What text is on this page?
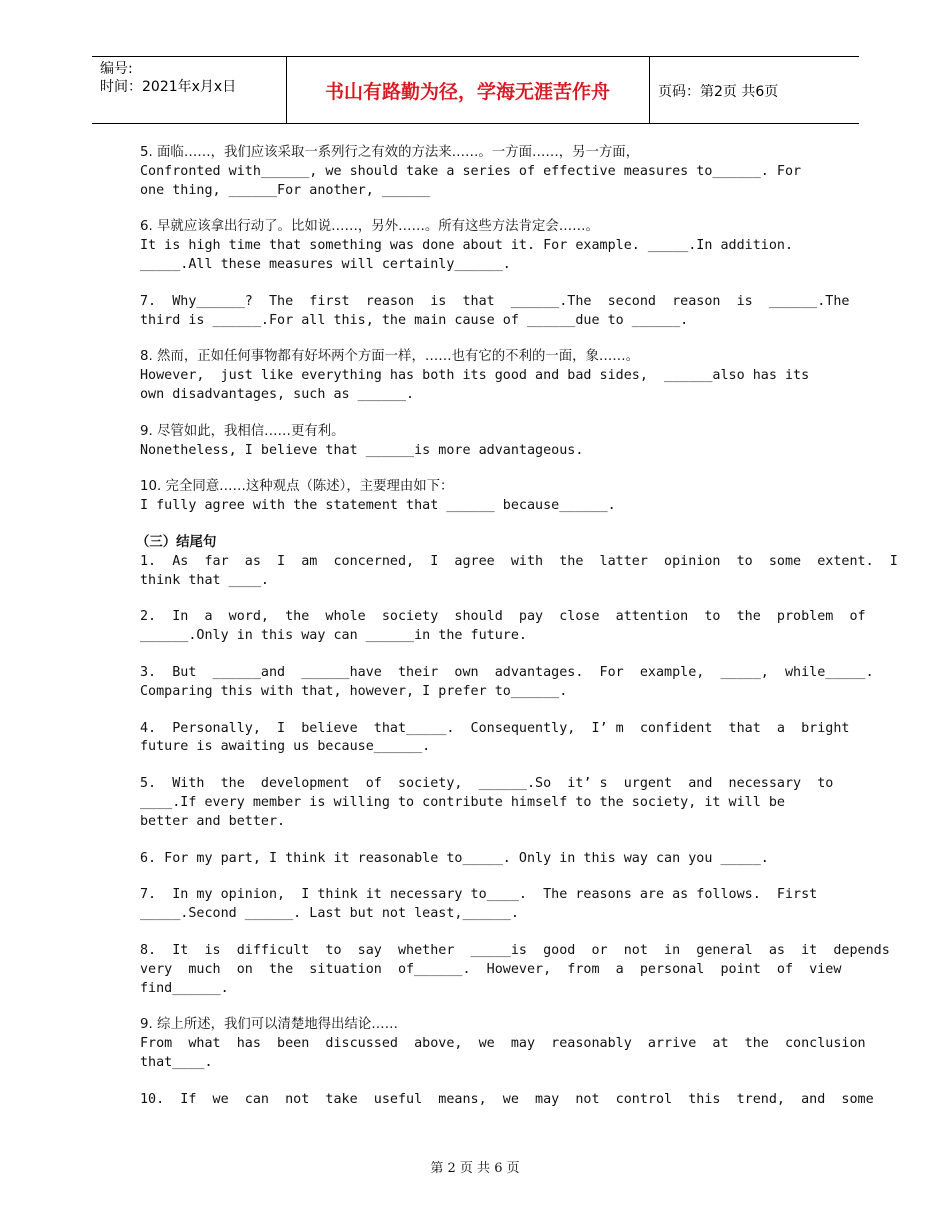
编号:
时间：2021年x月x日	书山有路勤为径，学海无涯苦作舟	页码：第2页 共6页
5. 面临……，我们应该采取一系列行之有效的方法来……。一方面……，另一方面，
Confronted with______, we should take a series of effective measures to______. For
one thing, ______For another, ______
6. 早就应该拿出行动了。比如说……，另外……。所有这些方法肯定会……。
It is high time that something was done about it. For example. _____.In addition.
_____.All these measures will certainly______.
7.  Why______?  The  first  reason  is  that  ______.The  second  reason  is  ______.The
third is ______.For all this, the main cause of ______due to ______.
8. 然而，正如任何事物都有好坏两个方面一样，……也有它的不利的一面，象……。
However,  just like everything has both its good and bad sides,  ______also has its
own disadvantages, such as ______.
9. 尽管如此，我相信……更有利。
Nonetheless, I believe that ______is more advantageous.
10. 完全同意……这种观点（陈述），主要理由如下：
I fully agree with the statement that ______ because______.
（三）结尾句
1.  As  far  as  I  am  concerned,  I  agree  with  the  latter  opinion  to  some  extent.  I
think that ____.
2.  In  a  word,  the  whole  society  should  pay  close  attention  to  the  problem  of
______.Only in this way can ______in the future.
3.  But  ______and  ______have  their  own  advantages.  For  example,  _____,  while_____.
Comparing this with that, however, I prefer to______.
4.  Personally,  I  believe  that_____.  Consequently,  I’ m  confident  that  a  bright
future is awaiting us because______.
5.  With  the  development  of  society,  ______.So  it’ s  urgent  and  necessary  to
____.If every member is willing to contribute himself to the society, it will be
better and better.
6. For my part, I think it reasonable to_____. Only in this way can you _____.
7.  In my opinion,  I think it necessary to____.  The reasons are as follows.  First
_____.Second ______. Last but not least,______.
8.  It  is  difficult  to  say  whether  _____is  good  or  not  in  general  as  it  depends
very  much  on  the  situation  of______.  However,  from  a  personal  point  of  view
find______.
9. 综上所述，我们可以清楚地得出结论……
From  what  has  been  discussed  above,  we  may  reasonably  arrive  at  the  conclusion
that____.
10.  If  we  can  not  take  useful  means,  we  may  not  control  this  trend,  and  some
第 2 页 共 6 页
